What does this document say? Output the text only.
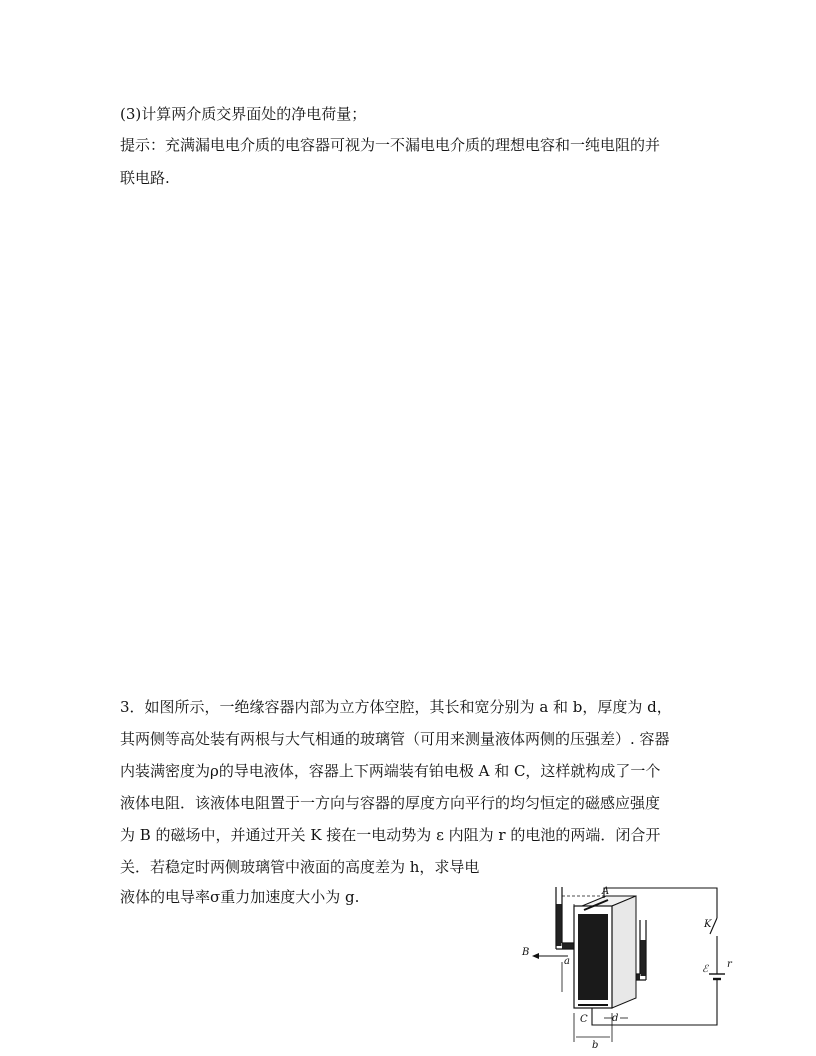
(3)计算两介质交界面处的净电荷量；

提示：充满漏电电介质的电容器可视为一不漏电电介质的理想电容和一纯电阻的并

联电路.

3．如图所示，一绝缘容器内部为立方体空腔，其长和宽分别为 a 和 b，厚度为 d，

其两侧等高处装有两根与大气相通的玻璃管（可用来测量液体两侧的压强差）. 容器

内装满密度为ρ的导电液体，容器上下两端装有铂电极 A 和 C，这样就构成了一个

液体电阻．该液体电阻置于一方向与容器的厚度方向平行的均匀恒定的磁感应强度

为 B 的磁场中，并通过开关 K 接在一电动势为 ε 内阻为 r 的电池的两端．闭合开

关．若稳定时两侧玻璃管中液面的高度差为 h，求导电

液体的电导率σ重力加速度大小为 g.	A
B
a
C d
b
K
ℰ r
